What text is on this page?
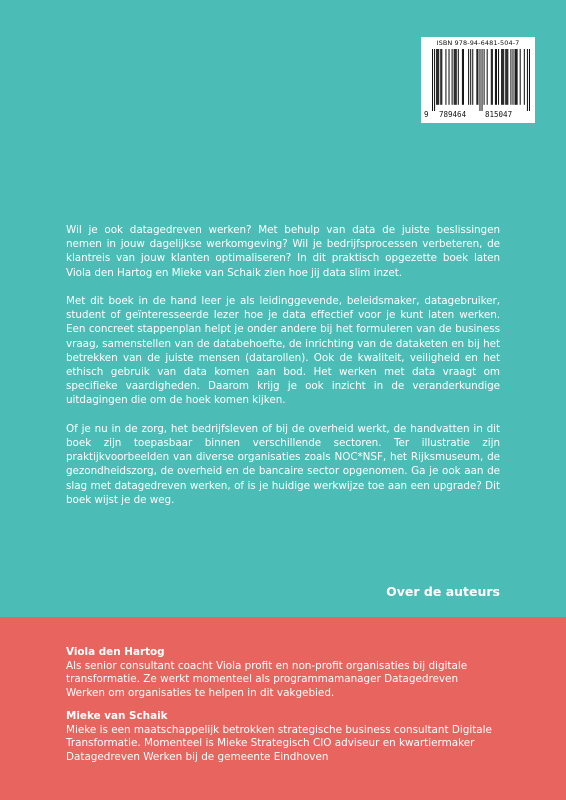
ISBN 978-94-6481-504-7
9 789464	815047

Wil je ook datagedreven werken? Met behulp van data de juiste beslissingen nemen in jouw dagelijkse werkomgeving? Wil je bedrijfsprocessen verbeteren, de klantreis van jouw klanten optimaliseren? In dit praktisch opgezette boek laten Viola den Hartog en Mieke van Schaik zien hoe jij data slim inzet.

Met dit boek in de hand leer je als leidinggevende, beleidsmaker, datagebruiker, student of geïnteresseerde lezer hoe je data effectief voor je kunt laten werken. Een concreet stappenplan helpt je onder andere bij het formuleren van de business vraag, samenstellen van de databehoefte, de inrichting van de dataketen en bij het betrekken van de juiste mensen (datarollen). Ook de kwaliteit, veiligheid en het ethisch gebruik van data komen aan bod. Het werken met data vraagt om specifieke vaardigheden. Daarom krijg je ook inzicht in de veranderkundige uitdagingen die om de hoek komen kijken.

Of je nu in de zorg, het bedrijfsleven of bij de overheid werkt, de handvatten in dit boek zijn toepasbaar binnen verschillende sectoren. Ter illustratie zijn praktijkvoorbeelden van diverse organisaties zoals NOC*NSF, het Rijksmuseum, de gezondheidszorg, de overheid en de bancaire sector opgenomen. Ga je ook aan de slag met datagedreven werken, of is je huidige werkwijze toe aan een upgrade? Dit boek wijst je de weg.

Over de auteurs
Viola den Hartog
Als senior consultant coacht Viola profit en non-profit organisaties bij digitale transformatie. Ze werkt momenteel als programmamanager Datagedreven Werken om organisaties te helpen in dit vakgebied.
Mieke van Schaik
Mieke is een maatschappelijk betrokken strategische business consultant Digitale Transformatie. Momenteel is Mieke Strategisch CIO adviseur en kwartiermaker Datagedreven Werken bij de gemeente Eindhoven
